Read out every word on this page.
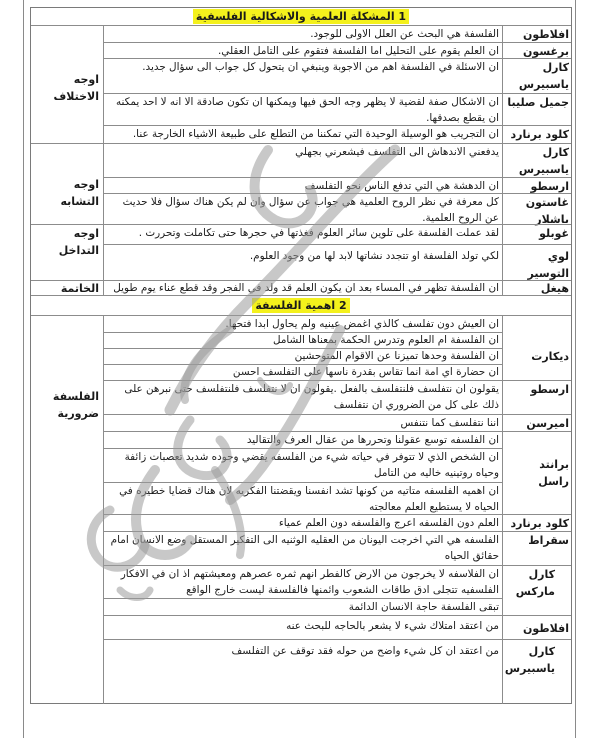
1 المشكلة العلمية والاشكالية الفلسفية
افلاطون
الفلسفة هي البحث عن العلل الاولى للوجود.
برغسون
ان العلم يقوم على التحليل اما الفلسفة فتقوم على التامل العقلي.
كارل ياسبيرس
ان الاسئلة في الفلسفة اهم من الاجوبة وينبغي ان يتحول كل جواب الى سؤال جديد.
اوجه الاختلاف	جميل صليبا
ان الاشكال صفة لقضية لا يظهر وجه الحق فيها ويمكنها ان تكون صادقة الا انه لا احد يمكنه ان يقطع بصدقها.
كلود برنارد
ان التجريب هو الوسيلة الوحيدة التي تمكننا من التطلع على طبيعة الاشياء الخارجة عنا.
كارل ياسبيرس
يدفعني الاندهاش الى التفلسف فيشعرني بجهلي
اوجه التشابه
ارسطو
ان الدهشة هي التي تدفع الناس نحو التفلسف
غاستون باشلار
كل معرفة في نظر الروح العلمية هي جواب عن سؤال وان لم يكن هناك سؤال فلا حديث عن الروح العلمية.
غوبلو
لقد عملت الفلسفة على تلوين سائر العلوم فغذتها في حجرها حتى تكاملت وتحررت .
اوجه التداخل	لوي التوسير
لكي تولد الفلسفة او تتجدد نشاتها لابد لها من وجود العلوم.
هيغل
ان الفلسفة تظهر في المساء بعد ان يكون العلم قد ولد في الفجر وقد قطع عناء يوم طويل
الخاتمة
2 اهمية الفلسفة
الفلسفة ضرورية
ديكارت
ان العيش دون تفلسف كالذي اغمض عينيه ولم يحاول ابدا فتحها.
ان الفلسفة ام العلوم وتدرس الحكمة بمعناها الشامل
ان الفلسفة وحدها تميزنا عن الاقوام المتوحشين
ان حضارة اي امة انما تقاس بقدرة ناسها على التفلسف احسن
ارسطو
يقولون ان نتفلسف فلنتفلسف بالفعل .يقولون ان لا نتفلسف فلنتفلسف حتى نبرهن على ذلك على كل من الضروري ان نتفلسف
اميرسن
اننا نتفلسف كما نتنفس
برانتد راسل
ان الفلسفه توسع عقولنا وتحررها من عقال العرف والتقاليد
ان الشخص الذي لا تتوفر في حياته شيء من الفلسفه يقضي وجوده شديد تعصبات زائفة وحياه روتينيه خاليه من التامل
ان اهميه الفلسفه متاتيه من كونها تشد انفسنا ويقضتنا الفكريه لان هناك قضايا خطيره في الحياه لا يستطيع العلم معالجته
كلود برنارد
العلم دون الفلسفه اعرج والفلسفه دون العلم عمياء
سقراط
الفلسفه هي التي اخرجت اليونان من العقليه الوثنيه الى التفكير المستقل وضع الانسان امام حقائق الحياه
كارل ماركس
ان الفلاسفه لا يخرجون من الارض كالفطر انهم ثمره عصرهم ومعيشتهم اذ ان في الافكار الفلسفيه تتجلى ادق طاقات الشعوب وائمنها فالفلسفة ليست خارج الواقع
تبقى الفلسفة حاجة الانسان الدائمة
افلاطون
من اعتقد امتلاك شيء لا يشعر بالحاجه للبحث عنه
كارل ياسبيرس
من اعتقد ان كل شيء واضح من حوله فقد توقف عن التفلسف
